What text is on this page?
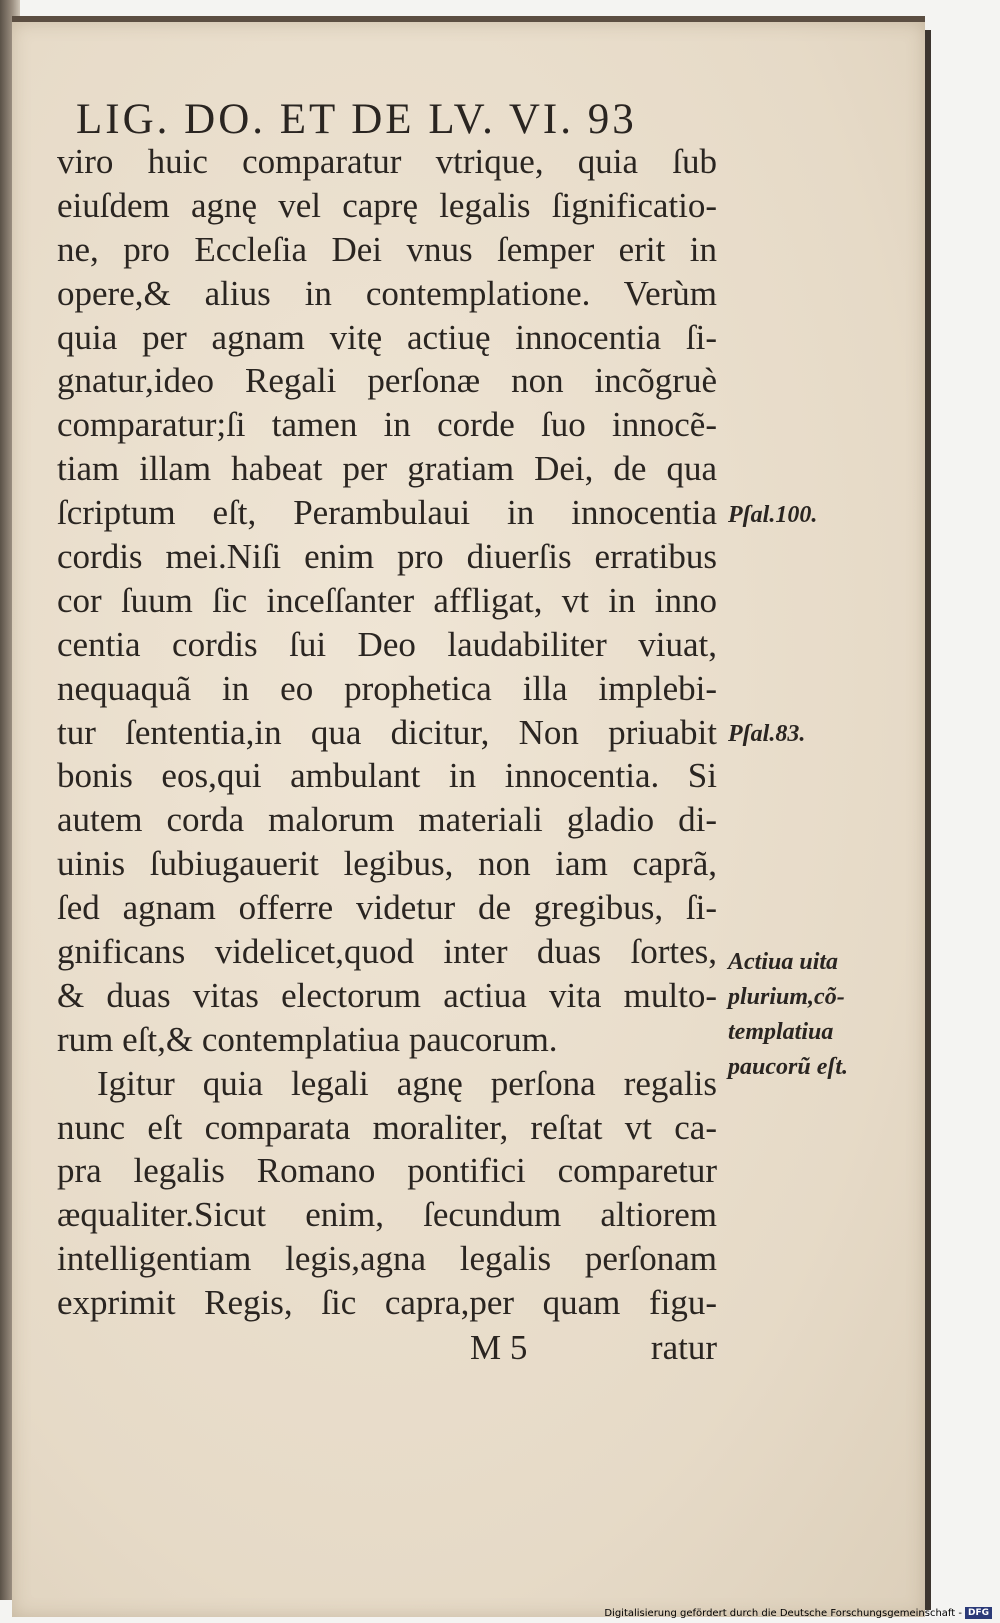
LIG. DO. ET DE LV. VI. 93
viro huic comparatur vtrique, quia ſub
eiuſdem agnę vel caprę legalis ſignificatio-
ne, pro Eccleſia Dei vnus ſemper erit in
opere,& alius in contemplatione. Verùm
quia per agnam vitę actiuę innocentia ſi-
gnatur,ideo Regali perſonæ non incõgruè
comparatur;ſi tamen in corde ſuo innocẽ-
tiam illam habeat per gratiam Dei, de qua
ſcriptum eſt, Perambulaui in innocentia
cordis mei.Niſi enim pro diuerſis erratibus
cor ſuum ſic inceſſanter affligat, vt in inno
centia cordis ſui Deo laudabiliter viuat,
nequaquã in eo prophetica illa implebi-
tur ſententia,in qua dicitur, Non priuabit
bonis eos,qui ambulant in innocentia. Si
autem corda malorum materiali gladio di-
uinis ſubiugauerit legibus, non iam caprã,
ſed agnam offerre videtur de gregibus, ſi-
gnificans videlicet,quod inter duas ſortes,
& duas vitas electorum actiua vita multo-
rum eſt,& contemplatiua paucorum.
Igitur quia legali agnę perſona regalis
nunc eſt comparata moraliter, reſtat vt ca-
pra legalis Romano pontifici comparetur
æqualiter.Sicut enim, ſecundum altiorem
intelligentiam legis,agna legalis perſonam
exprimit Regis, ſic capra,per quam figu-
M 5	ratur
Pſal.100.
Pſal.83.
Actiua uita
plurium,cõ-
templatiua
paucorũ eſt.
Digitalisierung gefördert durch die Deutsche Forschungsgemeinschaft - DFG
